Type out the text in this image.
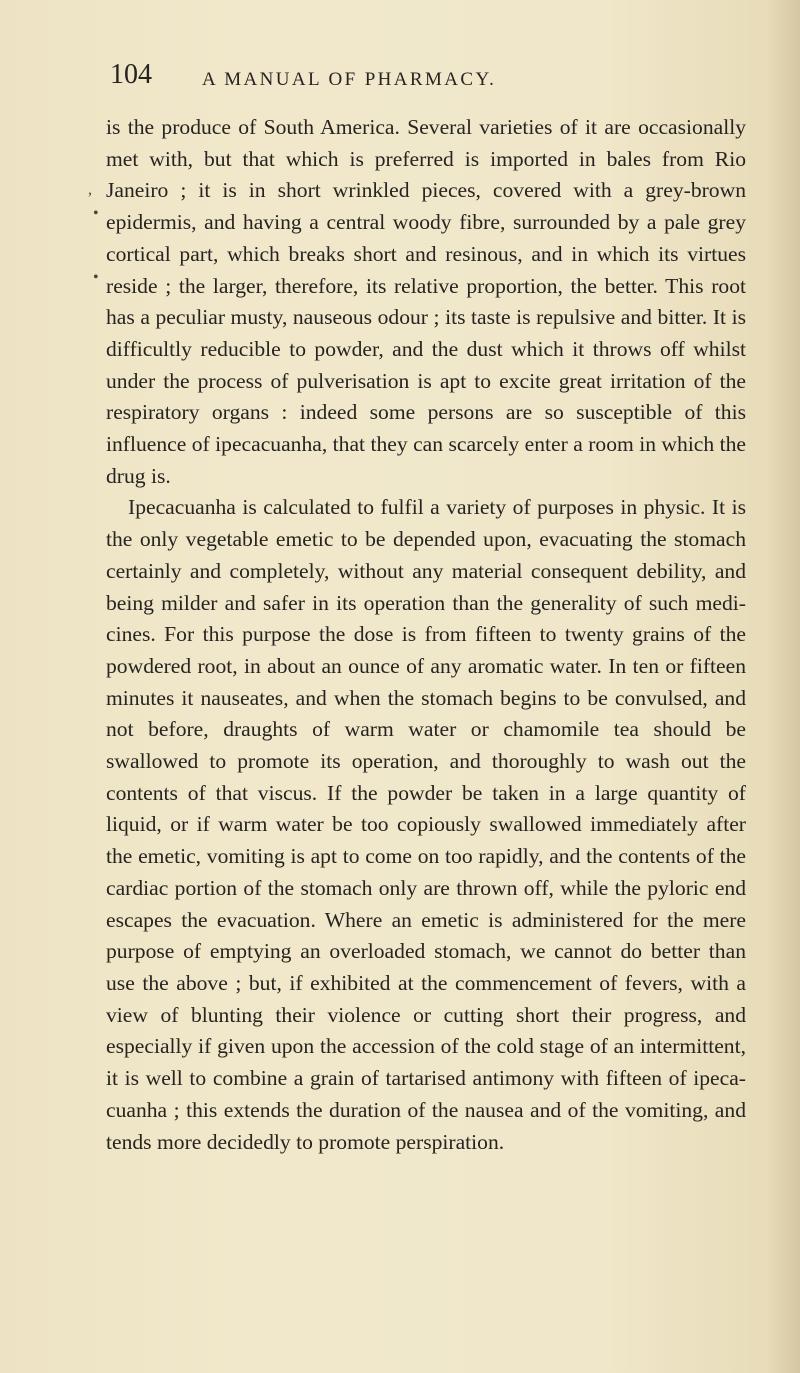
104	A MANUAL OF PHARMACY.

is the produce of South America. Several varieties of it are occasionally met with, but that which is preferred is imported in bales from Rio Janeiro ; it is in short wrinkled pieces, covered with a grey-brown epidermis, and having a central woody fibre, surrounded by a pale grey cortical part, which breaks short and resinous, and in which its virtues reside ; the larger, therefore, its relative proportion, the better. This root has a peculiar musty, nauseous odour ; its taste is repulsive and bitter. It is difficultly reducible to powder, and the dust which it throws off whilst under the process of pulverisation is apt to excite great irritation of the respiratory organs : indeed some persons are so susceptible of this influence of ipecacuanha, that they can scarcely enter a room in which the drug is.

Ipecacuanha is calculated to fulfil a variety of purposes in physic. It is the only vegetable emetic to be depended upon, evacuating the stomach certainly and completely, without any material consequent debility, and being milder and safer in its operation than the generality of such medicines. For this purpose the dose is from fifteen to twenty grains of the powdered root, in about an ounce of any aromatic water. In ten or fifteen minutes it nauseates, and when the stomach begins to be convulsed, and not before, draughts of warm water or chamomile tea should be swallowed to promote its operation, and thoroughly to wash out the contents of that viscus. If the powder be taken in a large quantity of liquid, or if warm water be too copiously swallowed immediately after the emetic, vomiting is apt to come on too rapidly, and the contents of the cardiac portion of the stomach only are thrown off, while the pyloric end escapes the evacuation. Where an emetic is administered for the mere purpose of emptying an overloaded stomach, we cannot do better than use the above ; but, if exhibited at the commencement of fevers, with a view of blunting their violence or cutting short their progress, and especially if given upon the accession of the cold stage of an intermittent, it is well to combine a grain of tartarised antimony with fifteen of ipecacuanha ; this extends the duration of the nausea and of the vomiting, and tends more decidedly to promote perspiration.

,
•
•
